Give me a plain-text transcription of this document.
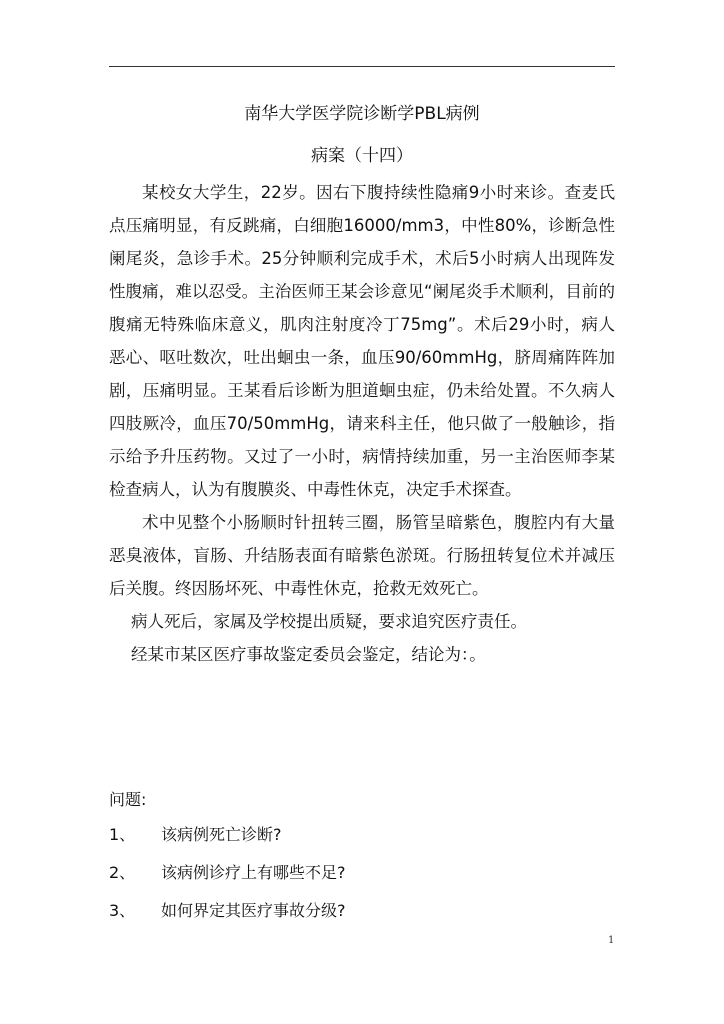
南华大学医学院诊断学PBL病例
病案（十四）

某校女大学生，22岁。因右下腹持续性隐痛9小时来诊。查麦氏点压痛明显，有反跳痛，白细胞16000/mm3，中性80%，诊断急性阑尾炎，急诊手术。25分钟顺利完成手术，术后5小时病人出现阵发性腹痛，难以忍受。主治医师王某会诊意见“阑尾炎手术顺利，目前的腹痛无特殊临床意义，肌肉注射度冷丁75mg”。术后29小时，病人恶心、呕吐数次，吐出蛔虫一条，血压90/60mmHg，脐周痛阵阵加剧，压痛明显。王某看后诊断为胆道蛔虫症，仍未给处置。不久病人四肢厥冷，血压70/50mmHg，请来科主任，他只做了一般触诊，指示给予升压药物。又过了一小时，病情持续加重，另一主治医师李某检查病人，认为有腹膜炎、中毒性休克，决定手术探查。

术中见整个小肠顺时针扭转三圈，肠管呈暗紫色，腹腔内有大量恶臭液体，盲肠、升结肠表面有暗紫色淤斑。行肠扭转复位术并减压后关腹。终因肠坏死、中毒性休克，抢救无效死亡。

病人死后，家属及学校提出质疑，要求追究医疗责任。

经某市某区医疗事故鉴定委员会鉴定，结论为：。

问题:
1、 该病例死亡诊断?
2、 该病例诊疗上有哪些不足?
3、 如何界定其医疗事故分级?
1
